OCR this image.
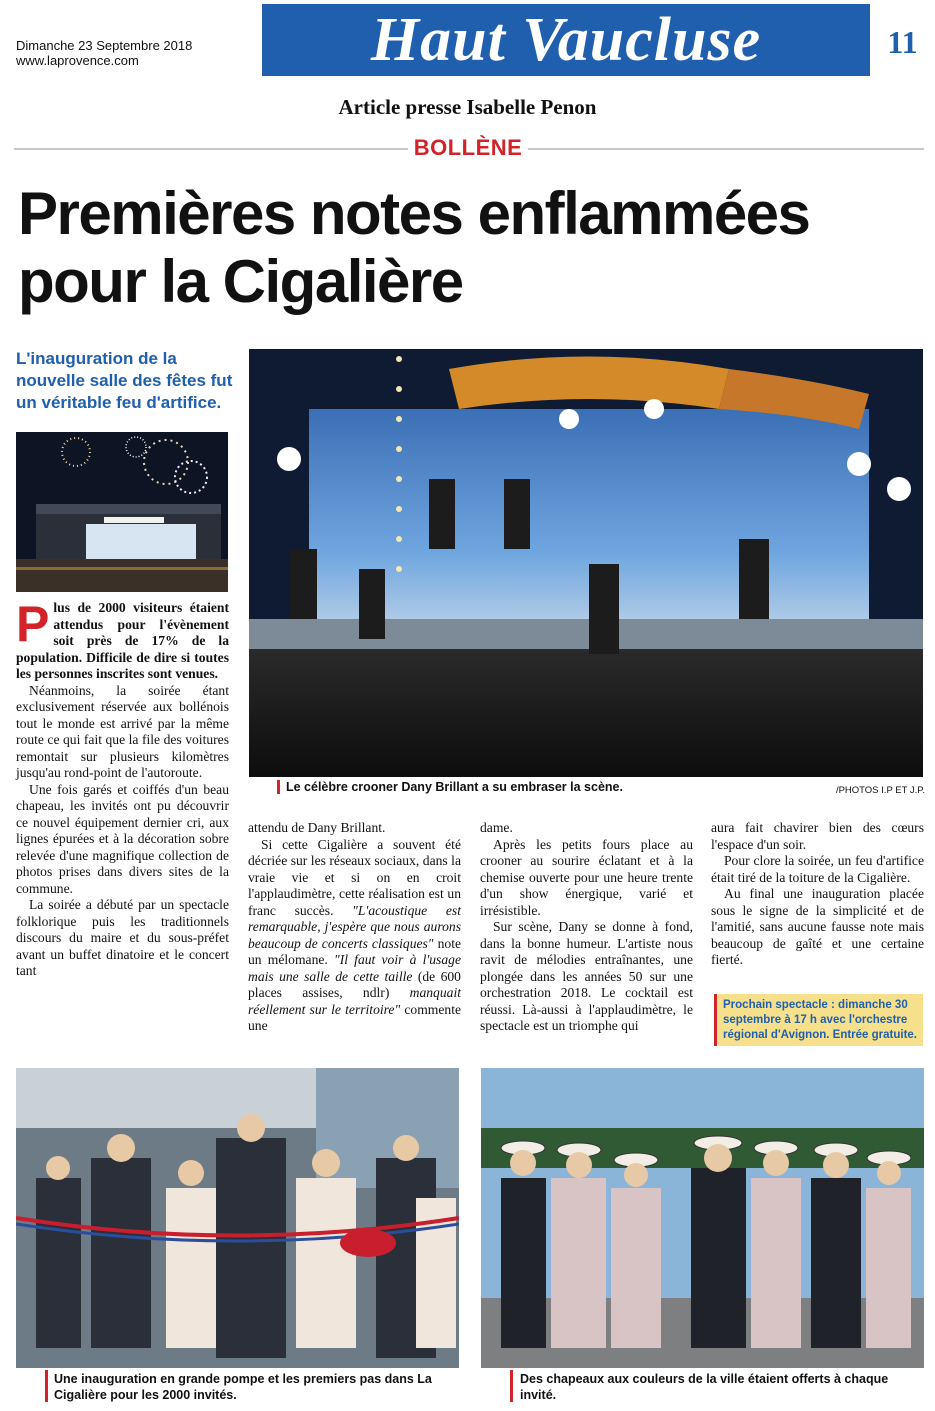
Dimanche 23 Septembre 2018
www.laprovence.com	Haut Vaucluse	11
Article presse Isabelle Penon
BOLLÈNE
Premières notes enflammées
pour la Cigalière
L'inauguration de la nouvelle salle des fêtes fut un véritable feu d'artifice.
Le célèbre crooner Dany Brillant a su embraser la scène.	/PHOTOS I.P ET J.P.

Plus de 2000 visiteurs étaient attendus pour l'évènement soit près de 17% de la population. Difficile de dire si toutes les personnes inscrites sont venues.

Néanmoins, la soirée étant exclusivement réservée aux bollénois tout le monde est arrivé par la même route ce qui fait que la file des voitures remontait sur plusieurs kilomètres jusqu'au rond-point de l'autoroute.

Une fois garés et coiffés d'un beau chapeau, les invités ont pu découvrir ce nouvel équipement dernier cri, aux lignes épurées et à la décoration sobre relevée d'une magnifique collection de photos prises dans divers sites de la commune.

La soirée a débuté par un spectacle folklorique puis les traditionnels discours du maire et du sous-préfet avant un buffet dinatoire et le concert tant

attendu de Dany Brillant.

Si cette Cigalière a souvent été décriée sur les réseaux sociaux, dans la vraie vie et si on en croit l'applaudimètre, cette réalisation est un franc succès. "L'acoustique est remarquable, j'espère que nous aurons beaucoup de concerts classiques" note un mélomane. "Il faut voir à l'usage mais une salle de cette taille (de 600 places assises, ndlr) manquait réellement sur le territoire" commente une

dame.

Après les petits fours place au crooner au sourire éclatant et à la chemise ouverte pour une heure trente d'un show énergique, varié et irrésistible.

Sur scène, Dany se donne à fond, dans la bonne humeur. L'artiste nous ravit de mélodies entraînantes, une plongée dans les années 50 sur une orchestration 2018. Le cocktail est réussi. Là-aussi à l'applaudimètre, le spectacle est un triomphe qui

aura fait chavirer bien des cœurs l'espace d'un soir.

Pour clore la soirée, un feu d'artifice était tiré de la toiture de la Cigalière.

Au final une inauguration placée sous le signe de la simplicité et de l'amitié, sans aucune fausse note mais beaucoup de gaîté et une certaine fierté.

Prochain spectacle : dimanche 30 septembre à 17 h avec l'orchestre régional d'Avignon. Entrée gratuite.
Une inauguration en grande pompe et les premiers pas dans La Cigalière pour les 2000 invités.
Des chapeaux aux couleurs de la ville étaient offerts à chaque invité.
